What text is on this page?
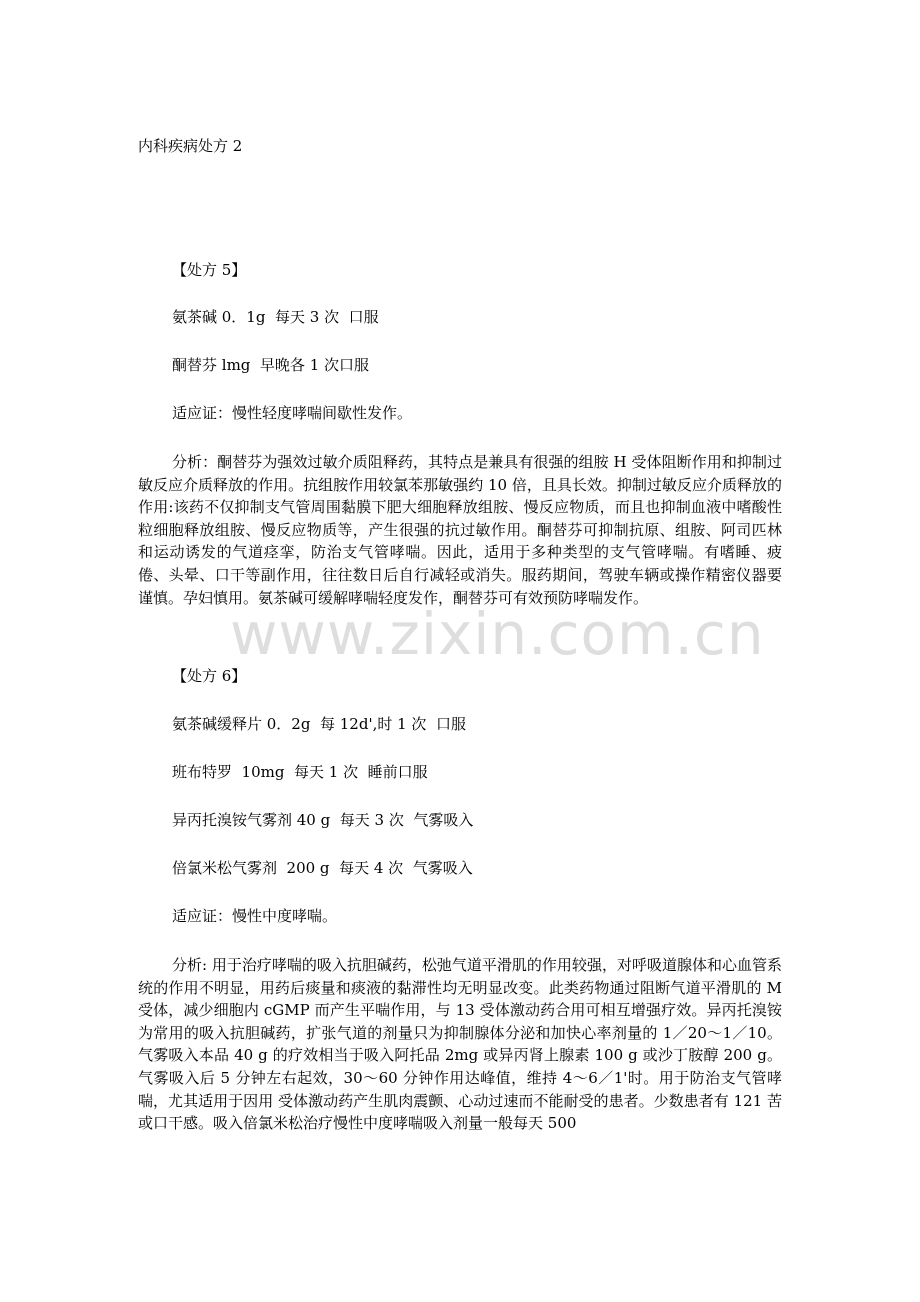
内科疾病处方 2
【处方 5】
氨茶碱 0．1g  每天 3 次  口服
酮替芬 lmg  早晚各 1 次口服
适应证：慢性轻度哮喘间歇性发作。

分析：酮替芬为强效过敏介质阻释药，其特点是兼具有很强的组胺 H 受体阻断作用和抑制过敏反应介质释放的作用。抗组胺作用较氯苯那敏强约 10 倍，且具长效。抑制过敏反应介质释放的作用:该药不仅抑制支气管周围黏膜下肥大细胞释放组胺、慢反应物质，而且也抑制血液中嗜酸性粒细胞释放组胺、慢反应物质等，产生很强的抗过敏作用。酮替芬可抑制抗原、组胺、阿司匹林和运动诱发的气道痉挛，防治支气管哮喘。因此，适用于多种类型的支气管哮喘。有嗜睡、疲倦、头晕、口干等副作用，往往数日后自行减轻或消失。服药期间，驾驶车辆或操作精密仪器要谨慎。孕妇慎用。氨茶碱可缓解哮喘轻度发作，酮替芬可有效预防哮喘发作。

【处方 6】
氨茶碱缓释片 0．2g  每 12d',时 1 次  口服
班布特罗  10mg  每天 1 次  睡前口服
异丙托溴铵气雾剂 40 g  每天 3 次  气雾吸入
倍氯米松气雾剂  200 g  每天 4 次  气雾吸入
适应证：慢性中度哮喘。

分析: 用于治疗哮喘的吸入抗胆碱药，松弛气道平滑肌的作用较强，对呼吸道腺体和心血管系统的作用不明显，用药后痰量和痰液的黏滞性均无明显改变。此类药物通过阻断气道平滑肌的 M 受体，减少细胞内 cGMP 而产生平喘作用，与 13 受体激动药合用可相互增强疗效。异丙托溴铵为常用的吸入抗胆碱药，扩张气道的剂量只为抑制腺体分泌和加快心率剂量的 1／20～1／10。气雾吸入本品 40 g 的疗效相当于吸入阿托品 2mg 或异丙肾上腺素 100 g 或沙丁胺醇 200 g。气雾吸入后 5 分钟左右起效，30～60 分钟作用达峰值，维持 4～6／1'时。用于防治支气管哮喘，尤其适用于因用 受体激动药产生肌肉震颤、心动过速而不能耐受的患者。少数患者有 121 苦或口干感。吸入倍氯米松治疗慢性中度哮喘吸入剂量一般每天 500

www.zixin.com.cn
